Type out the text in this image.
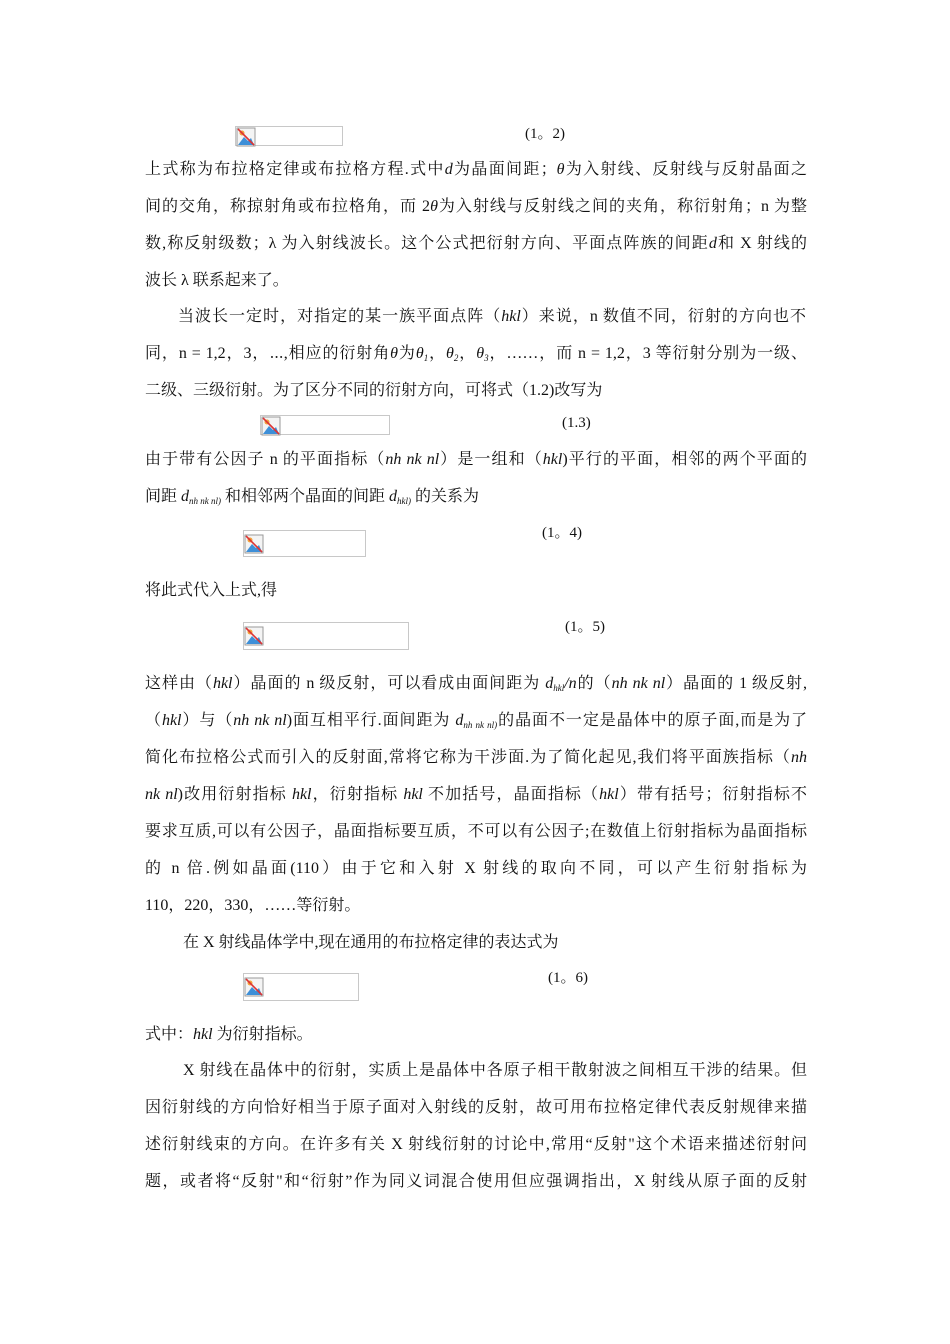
(1。2)
上式称为布拉格定律或布拉格方程.式中d为晶面间距；θ为入射线、反射线与反射晶面之
间的交角，称掠射角或布拉格角，而 2θ为入射线与反射线之间的夹角，称衍射角；n 为整
数,称反射级数；λ 为入射线波长。这个公式把衍射方向、平面点阵族的间距d和 X 射线的
波长 λ 联系起来了。
当波长一定时，对指定的某一族平面点阵（hkl）来说，n 数值不同，衍射的方向也不
同，n = 1,2，3，⋯,相应的衍射角θ为$\theta_1$，$\theta_2$，$\theta_3$，……，而 n = 1,2，3 等衍射分别为一级、
二级、三级衍射。为了区分不同的衍射方向，可将式（1.2)改写为
(1.3)
由于带有公因子 n 的平面指标（nh nk nl）是一组和（hkl)平行的平面，相邻的两个平面的
间距 $d_{nh nk nl)}$ 和相邻两个晶面的间距 $d_{hkl)}$ 的关系为
(1。4)
将此式代入上式,得
(1。5)
这样由（hkl）晶面的 n 级反射，可以看成由面间距为 $d_{hkl}/n$的（nh nk nl）晶面的 1 级反射,
（hkl）与（nh nk nl)面互相平行.面间距为 $d_{nh nk nl)}$的晶面不一定是晶体中的原子面,而是为了
简化布拉格公式而引入的反射面,常将它称为干涉面.为了简化起见,我们将平面族指标（nh
nk nl)改用衍射指标 hkl，衍射指标 hkl 不加括号，晶面指标（hkl）带有括号；衍射指标不
要求互质,可以有公因子，晶面指标要互质，不可以有公因子;在数值上衍射指标为晶面指标
的 n 倍.例如晶面(110）由于它和入射 X 射线的取向不同，可以产生衍射指标为
110，220，330，……等衍射。
在 X 射线晶体学中,现在通用的布拉格定律的表达式为
(1。6)
式中：hkl 为衍射指标。
X 射线在晶体中的衍射，实质上是晶体中各原子相干散射波之间相互干涉的结果。但
因衍射线的方向恰好相当于原子面对入射线的反射，故可用布拉格定律代表反射规律来描
述衍射线束的方向。在许多有关 X 射线衍射的讨论中,常用“反射"这个术语来描述衍射问
题，或者将“反射"和“衍射”作为同义词混合使用但应强调指出，X 射线从原子面的反射
